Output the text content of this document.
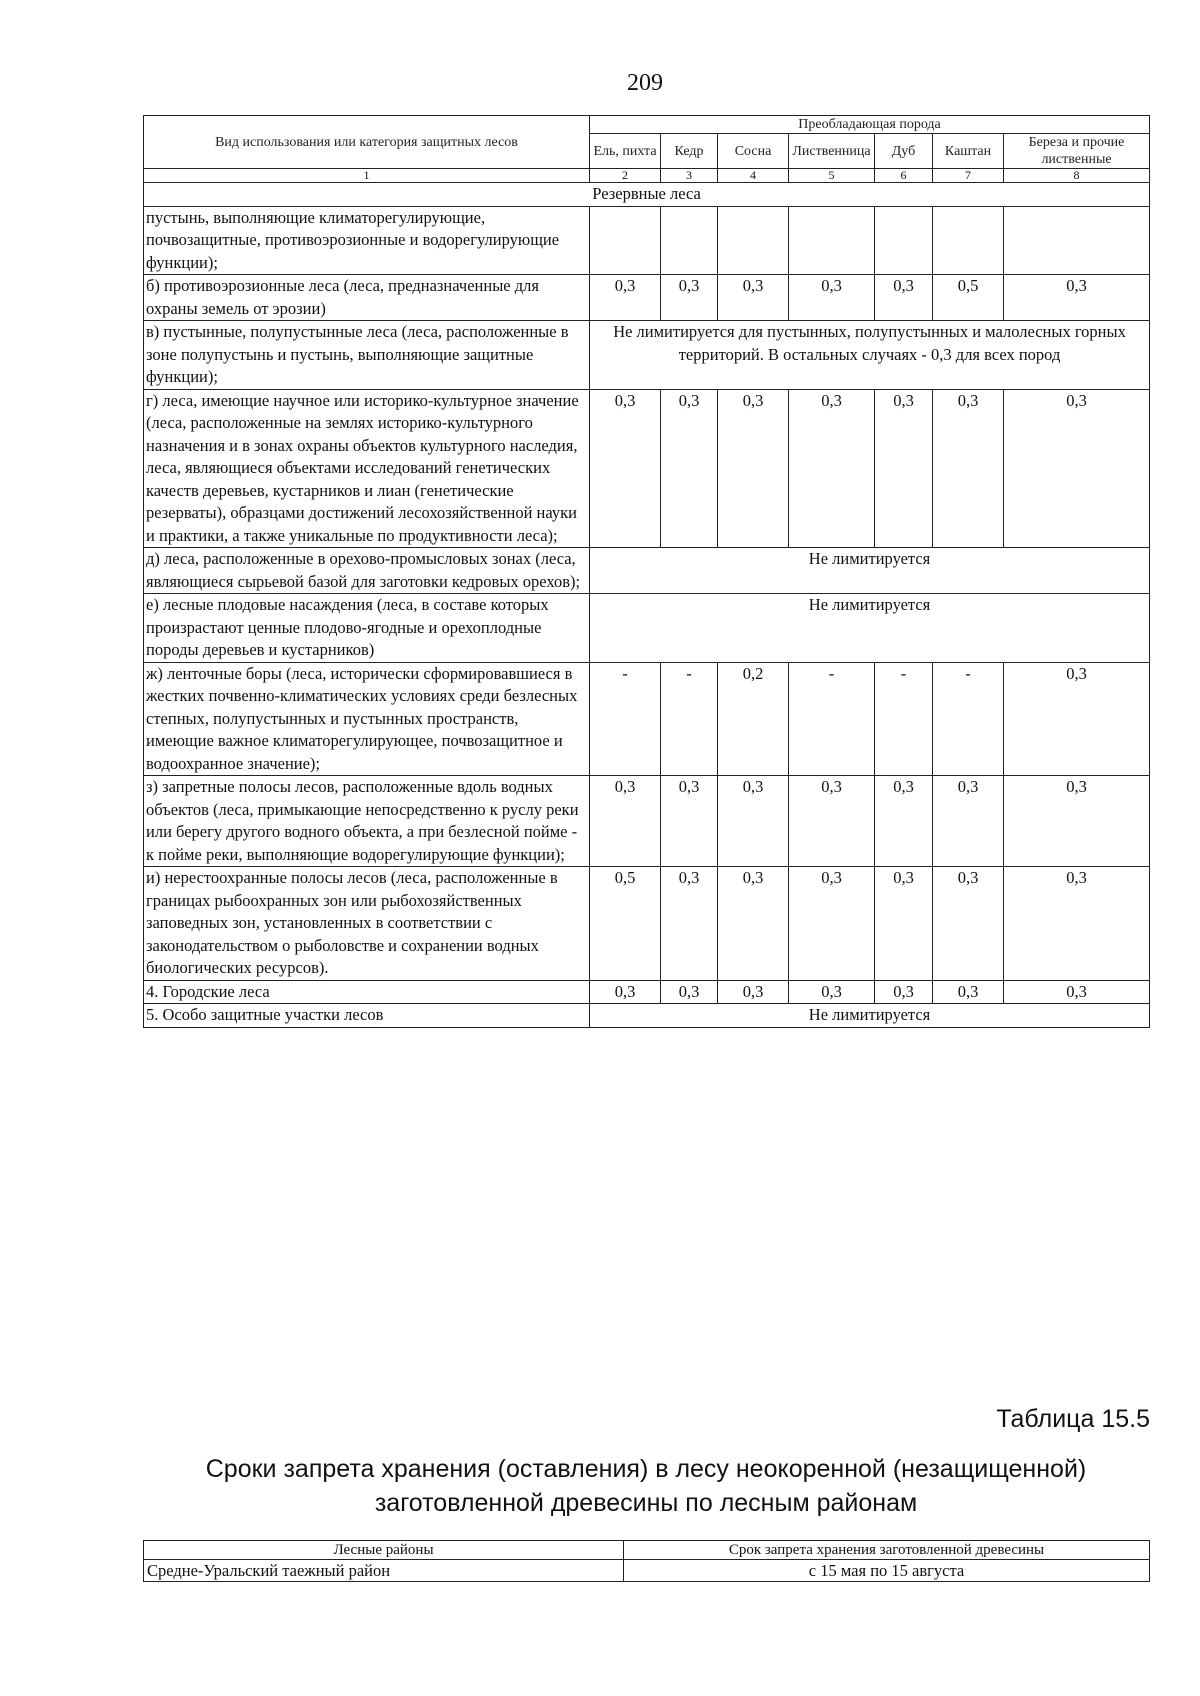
209
Вид использования или категория защитных лесов	Преобладающая порода						
	Ель, пихта	Кедр	Сосна	Лиственница	Дуб	Каштан	Береза и прочие лиственные
1	2	3	4	5	6	7	8
Резервные леса							
пустынь, выполняющие климаторегулирующие, почвозащитные, противоэрозионные и водорегулирующие функции);							
б) противоэрозионные леса (леса, предназначенные для охраны земель от эрозии)	0,3	0,3	0,3	0,3	0,3	0,5	0,3
в) пустынные, полупустынные леса (леса, расположенные в зоне полупустынь и пустынь, выполняющие защитные функции);	Не лимитируется для пустынных, полупустынных и малолесных горных территорий. В остальных случаях - 0,3 для всех пород						
г) леса, имеющие научное или историко-культурное значение (леса, расположенные на землях историко-культурного назначения и в зонах охраны объектов культурного наследия, леса, являющиеся объектами исследований генетических качеств деревьев, кустарников и лиан (генетические резерваты), образцами достижений лесохозяйственной науки и практики, а также уникальные по продуктивности леса);	0,3	0,3	0,3	0,3	0,3	0,3	0,3
д) леса, расположенные в орехово-промысловых зонах (леса, являющиеся сырьевой базой для заготовки кедровых орехов);	Не лимитируется						
е) лесные плодовые насаждения (леса, в составе которых произрастают ценные плодово-ягодные и орехоплодные породы деревьев и кустарников)	Не лимитируется						
ж) ленточные боры (леса, исторически сформировавшиеся в жестких почвенно-климатических условиях среди безлесных степных, полупустынных и пустынных пространств, имеющие важное климаторегулирующее, почвозащитное и водоохранное значение);	-	-	0,2	-	-	-	0,3
з) запретные полосы лесов, расположенные вдоль водных объектов (леса, примыкающие непосредственно к руслу реки или берегу другого водного объекта, а при безлесной пойме - к пойме реки, выполняющие водорегулирующие функции);	0,3	0,3	0,3	0,3	0,3	0,3	0,3
и) нерестоохранные полосы лесов (леса, расположенные в границах рыбоохранных зон или рыбохозяйственных заповедных зон, установленных в соответствии с законодательством о рыболовстве и сохранении водных биологических ресурсов).	0,5	0,3	0,3	0,3	0,3	0,3	0,3
4. Городские леса	0,3	0,3	0,3	0,3	0,3	0,3	0,3
5. Особо защитные участки лесов	Не лимитируется						
Таблица 15.5
Сроки запрета хранения (оставления) в лесу неокоренной (незащищенной) заготовленной древесины по лесным районам
Лесные районы	Срок запрета хранения заготовленной древесины
Средне-Уральский таежный район	с 15 мая по 15 августа
